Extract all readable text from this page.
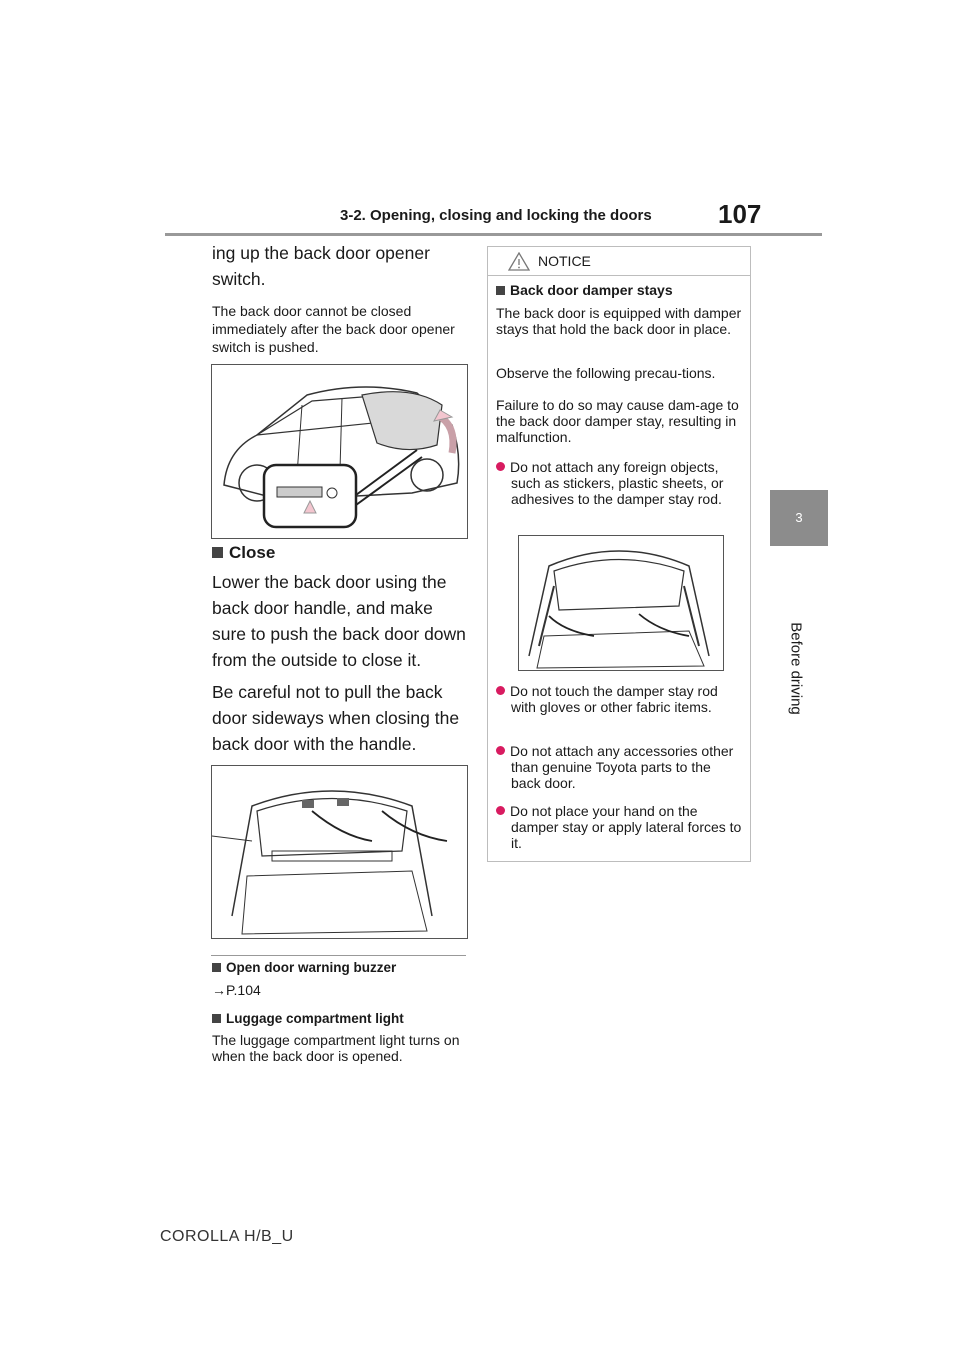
3-2. Opening, closing and locking the doors	107
3
Before driving

ing up the back door opener switch.

The back door cannot be closed immediately after the back door opener switch is pushed.

Close

Lower the back door using the back door handle, and make sure to push the back door down from the outside to close it.

Be careful not to pull the back door sideways when closing the back door with the handle.

Open door warning buzzer
→P.104
Luggage compartment light

The luggage compartment light turns on when the back door is opened.

NOTICE
Back door damper stays
The back door is equipped with damper stays that hold the back door in place.
Observe the following precau-tions.
Failure to do so may cause dam-age to the back door damper stay, resulting in malfunction.
Do not attach any foreign objects, such as stickers, plastic sheets, or adhesives to the damper stay rod.
Do not touch the damper stay rod with gloves or other fabric items.
Do not attach any accessories other than genuine Toyota parts to the back door.
Do not place your hand on the damper stay or apply lateral forces to it.
COROLLA H/B_U
